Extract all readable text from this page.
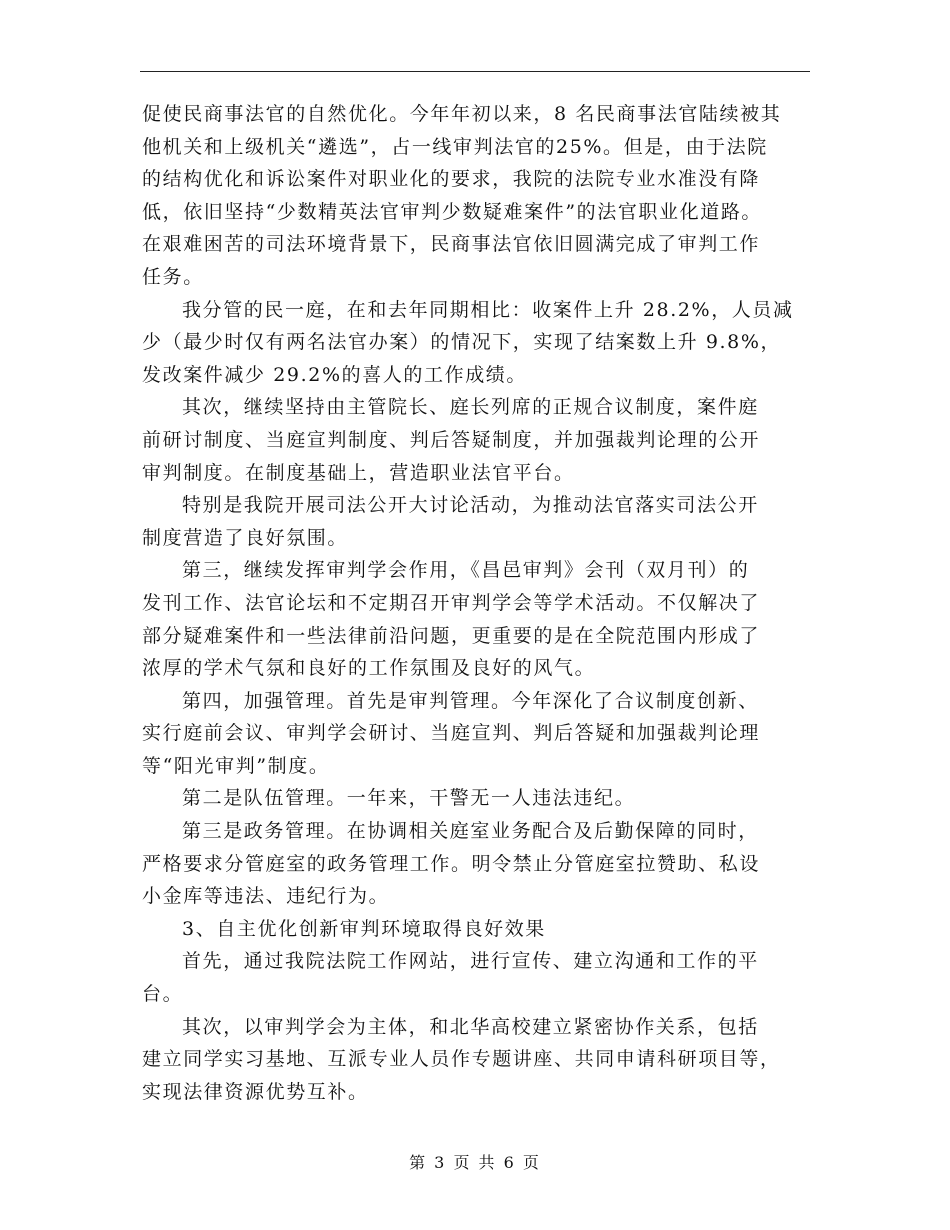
促使民商事法官的自然优化。今年年初以来，8 名民商事法官陆续被其
他机关和上级机关“遴选”，占一线审判法官的25%。但是，由于法院
的结构优化和诉讼案件对职业化的要求，我院的法院专业水准没有降
低，依旧坚持“少数精英法官审判少数疑难案件”的法官职业化道路。
在艰难困苦的司法环境背景下，民商事法官依旧圆满完成了审判工作
任务。
我分管的民一庭，在和去年同期相比：收案件上升 28.2%，人员减
少（最少时仅有两名法官办案）的情况下，实现了结案数上升 9.8%，
发改案件减少 29.2%的喜人的工作成绩。
其次，继续坚持由主管院长、庭长列席的正规合议制度，案件庭
前研讨制度、当庭宣判制度、判后答疑制度，并加强裁判论理的公开
审判制度。在制度基础上，营造职业法官平台。
特别是我院开展司法公开大讨论活动，为推动法官落实司法公开
制度营造了良好氛围。
第三，继续发挥审判学会作用，《昌邑审判》会刊（双月刊）的
发刊工作、法官论坛和不定期召开审判学会等学术活动。不仅解决了
部分疑难案件和一些法律前沿问题，更重要的是在全院范围内形成了
浓厚的学术气氛和良好的工作氛围及良好的风气。
第四，加强管理。首先是审判管理。今年深化了合议制度创新、
实行庭前会议、审判学会研讨、当庭宣判、判后答疑和加强裁判论理
等“阳光审判”制度。
第二是队伍管理。一年来，干警无一人违法违纪。
第三是政务管理。在协调相关庭室业务配合及后勤保障的同时，
严格要求分管庭室的政务管理工作。明令禁止分管庭室拉赞助、私设
小金库等违法、违纪行为。
3、自主优化创新审判环境取得良好效果
首先，通过我院法院工作网站，进行宣传、建立沟通和工作的平
台。
其次，以审判学会为主体，和北华高校建立紧密协作关系，包括
建立同学实习基地、互派专业人员作专题讲座、共同申请科研项目等，
实现法律资源优势互补。
第 3 页 共 6 页
